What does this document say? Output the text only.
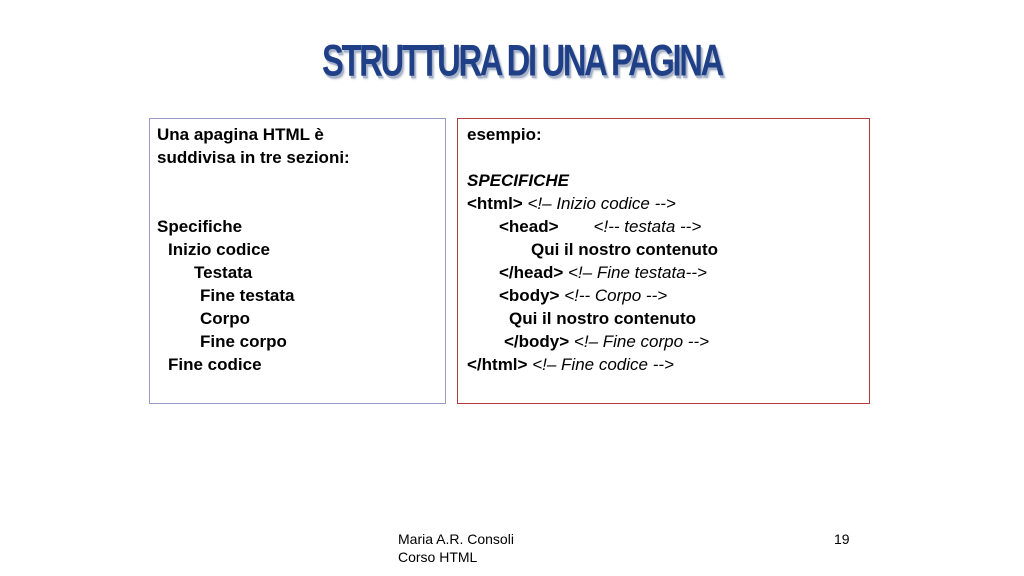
STRUTTURA DI UNA PAGINA
Una apagina HTML è
suddivisa in tre sezioni:
Specifiche
Inizio codice
Testata
Fine testata
Corpo
Fine corpo
Fine codice
esempio:
SPECIFICHE
<html> <!– Inizio codice -->
<head> <!-- testata -->
Qui il nostro contenuto
</head> <!– Fine testata-->
<body> <!-- Corpo -->
Qui il nostro contenuto
</body> <!– Fine corpo -->
</html> <!– Fine codice -->
Maria A.R. Consoli
Corso HTML
19
